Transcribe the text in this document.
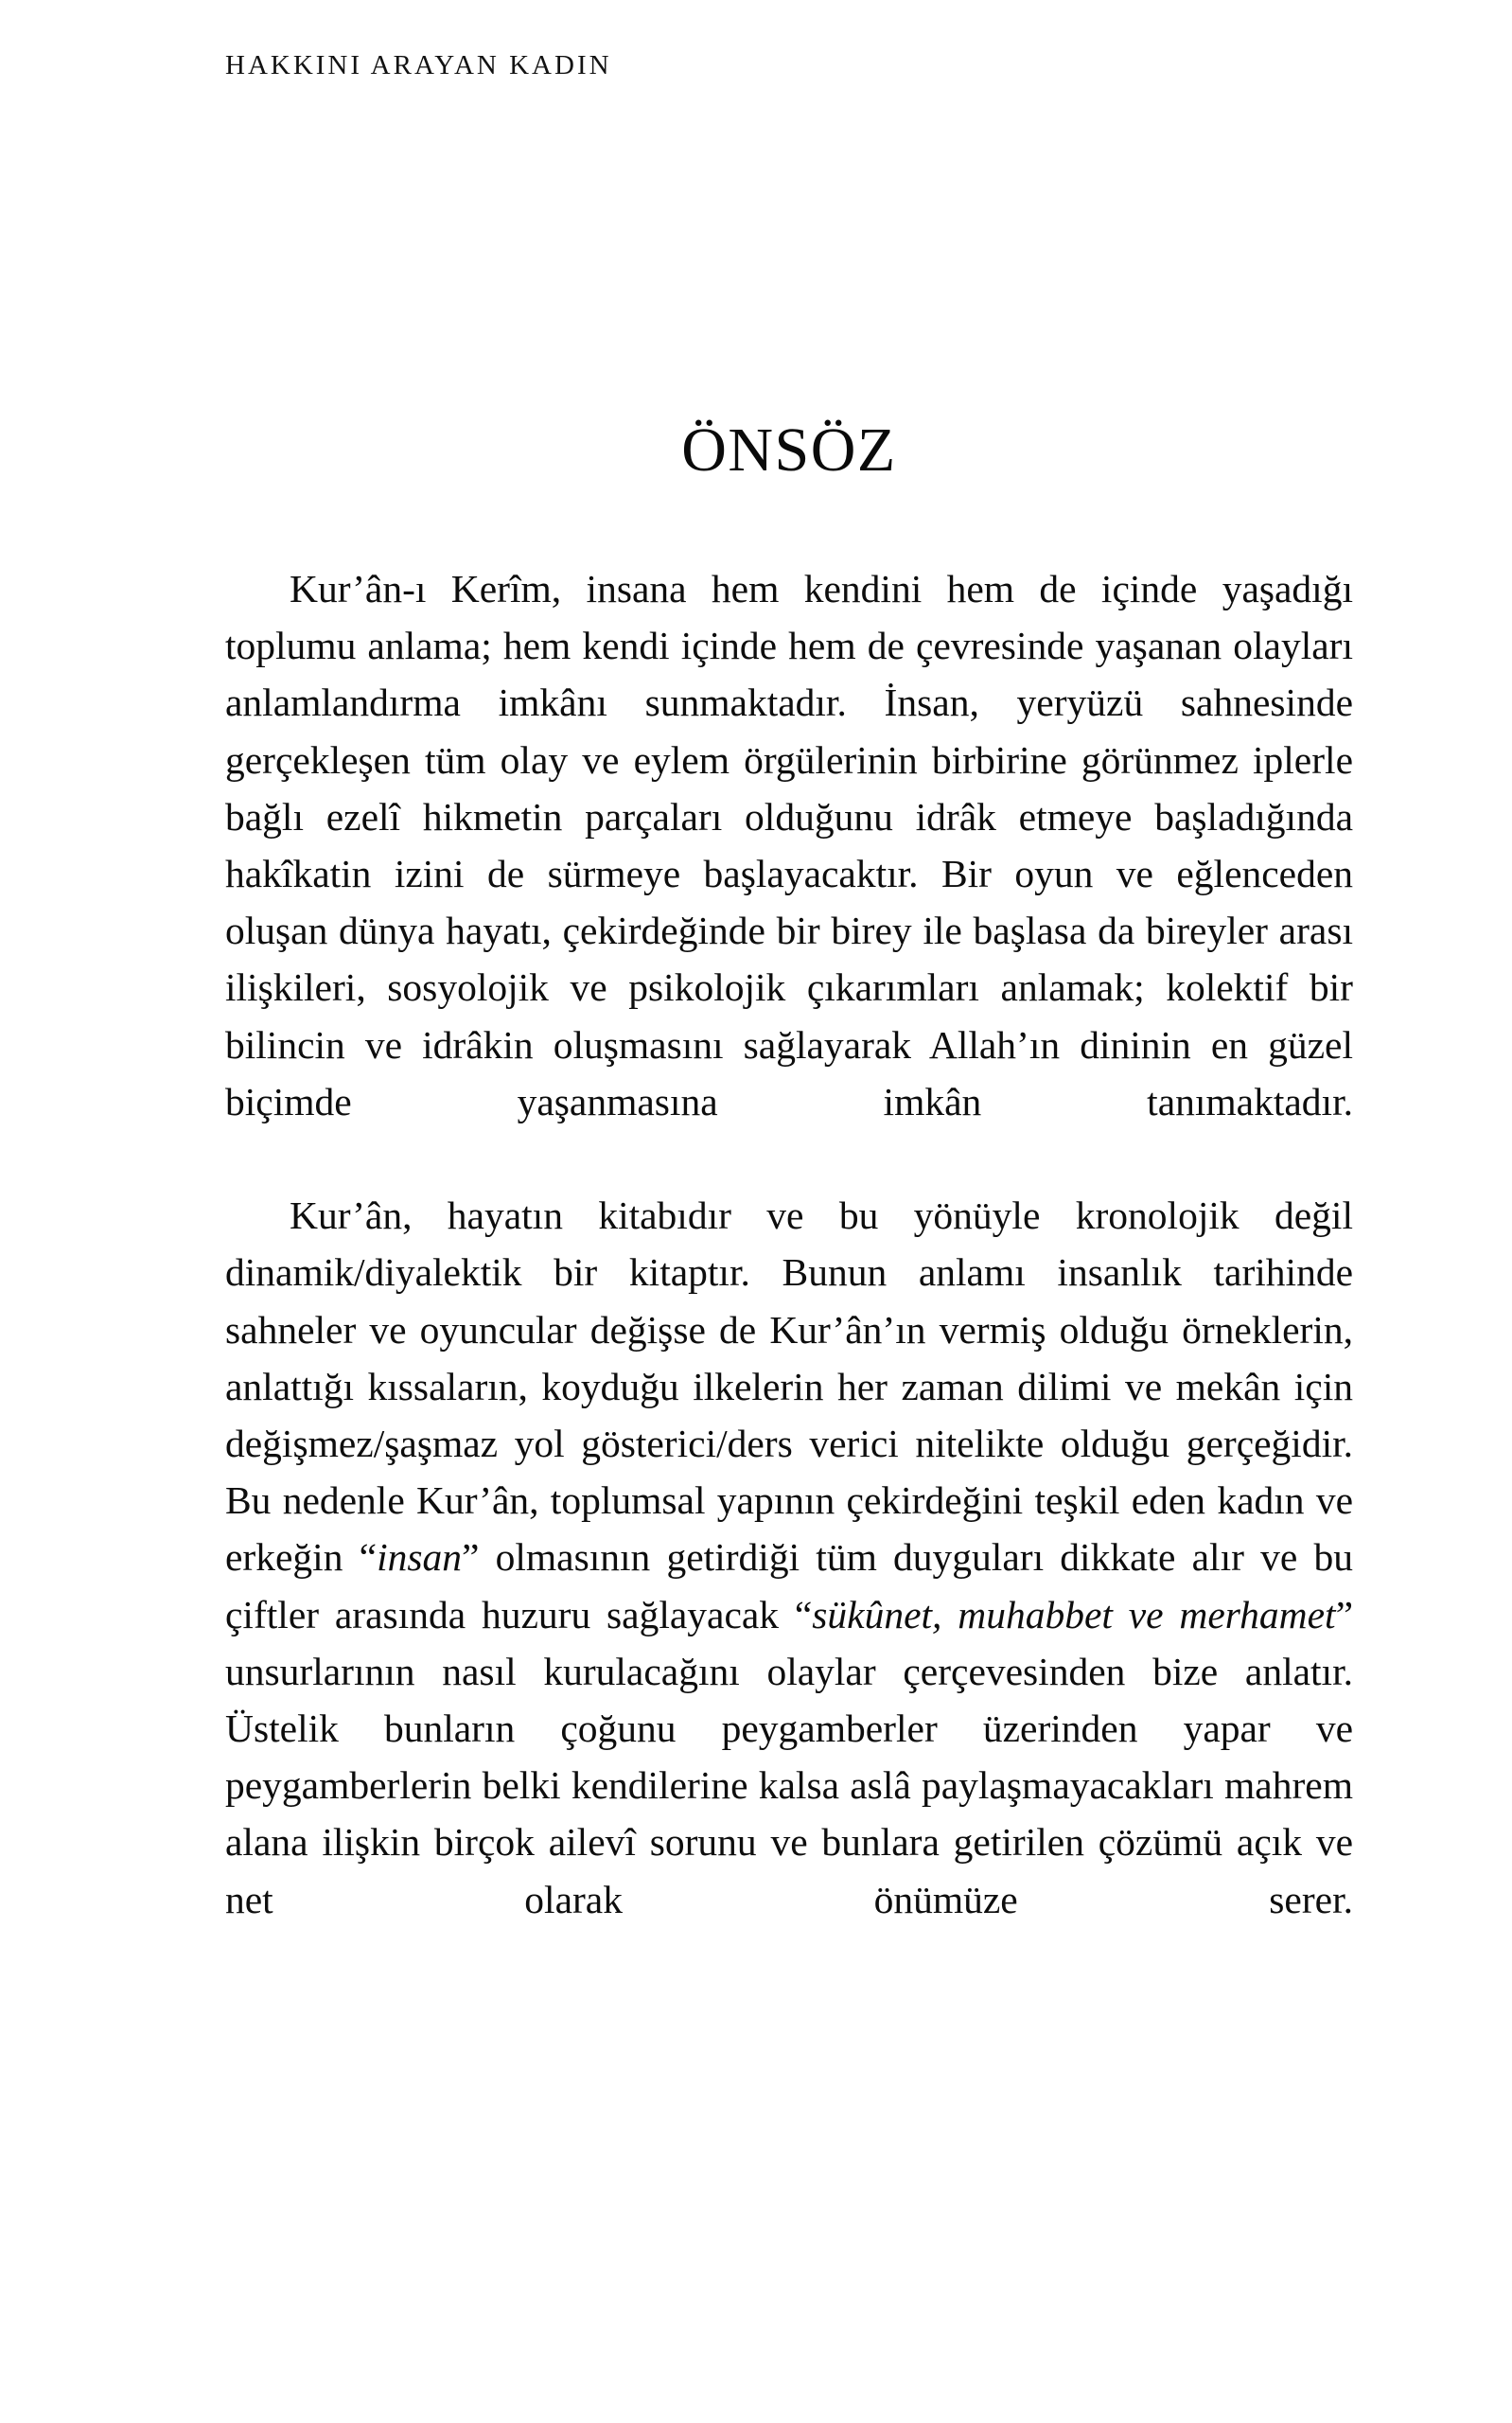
HAKKINI ARAYAN KADIN
ÖNSÖZ

Kur’ân-ı Kerîm, insana hem kendini hem de içinde yaşadığı toplumu anlama; hem kendi içinde hem de çevresinde yaşanan olayları anlamlandırma imkânı sunmaktadır. İnsan, yeryüzü sahnesinde gerçekleşen tüm olay ve eylem örgülerinin birbirine görünmez iplerle bağlı ezelî hikmetin parçaları olduğunu idrâk etmeye başladığında hakîkatin izini de sürmeye başlayacaktır. Bir oyun ve eğlenceden oluşan dünya hayatı, çekirdeğinde bir birey ile başlasa da bireyler arası ilişkileri, sosyolojik ve psikolojik çıkarımları anlamak; kolektif bir bilincin ve idrâkin oluşmasını sağlayarak Allah’ın dininin en güzel biçimde yaşanmasına imkân tanımaktadır.

Kur’ân, hayatın kitabıdır ve bu yönüyle kronolojik değil dinamik/diyalektik bir kitaptır. Bunun anlamı insanlık tarihinde sahneler ve oyuncular değişse de Kur’ân’ın vermiş olduğu örneklerin, anlattığı kıssaların, koyduğu ilkelerin her zaman dilimi ve mekân için değişmez/şaşmaz yol gösterici/ders verici nitelikte olduğu gerçeğidir. Bu nedenle Kur’ân, toplumsal yapının çekirdeğini teşkil eden kadın ve erkeğin “insan” olmasının getirdiği tüm duyguları dikkate alır ve bu çiftler arasında huzuru sağlayacak “sükûnet, muhabbet ve merhamet” unsurlarının nasıl kurulacağını olaylar çerçevesinden bize anlatır. Üstelik bunların çoğunu peygamberler üzerinden yapar ve peygamberlerin belki kendilerine kalsa aslâ paylaşmayacakları mahrem alana ilişkin birçok ailevî sorunu ve bunlara getirilen çözümü açık ve net olarak önümüze serer.
